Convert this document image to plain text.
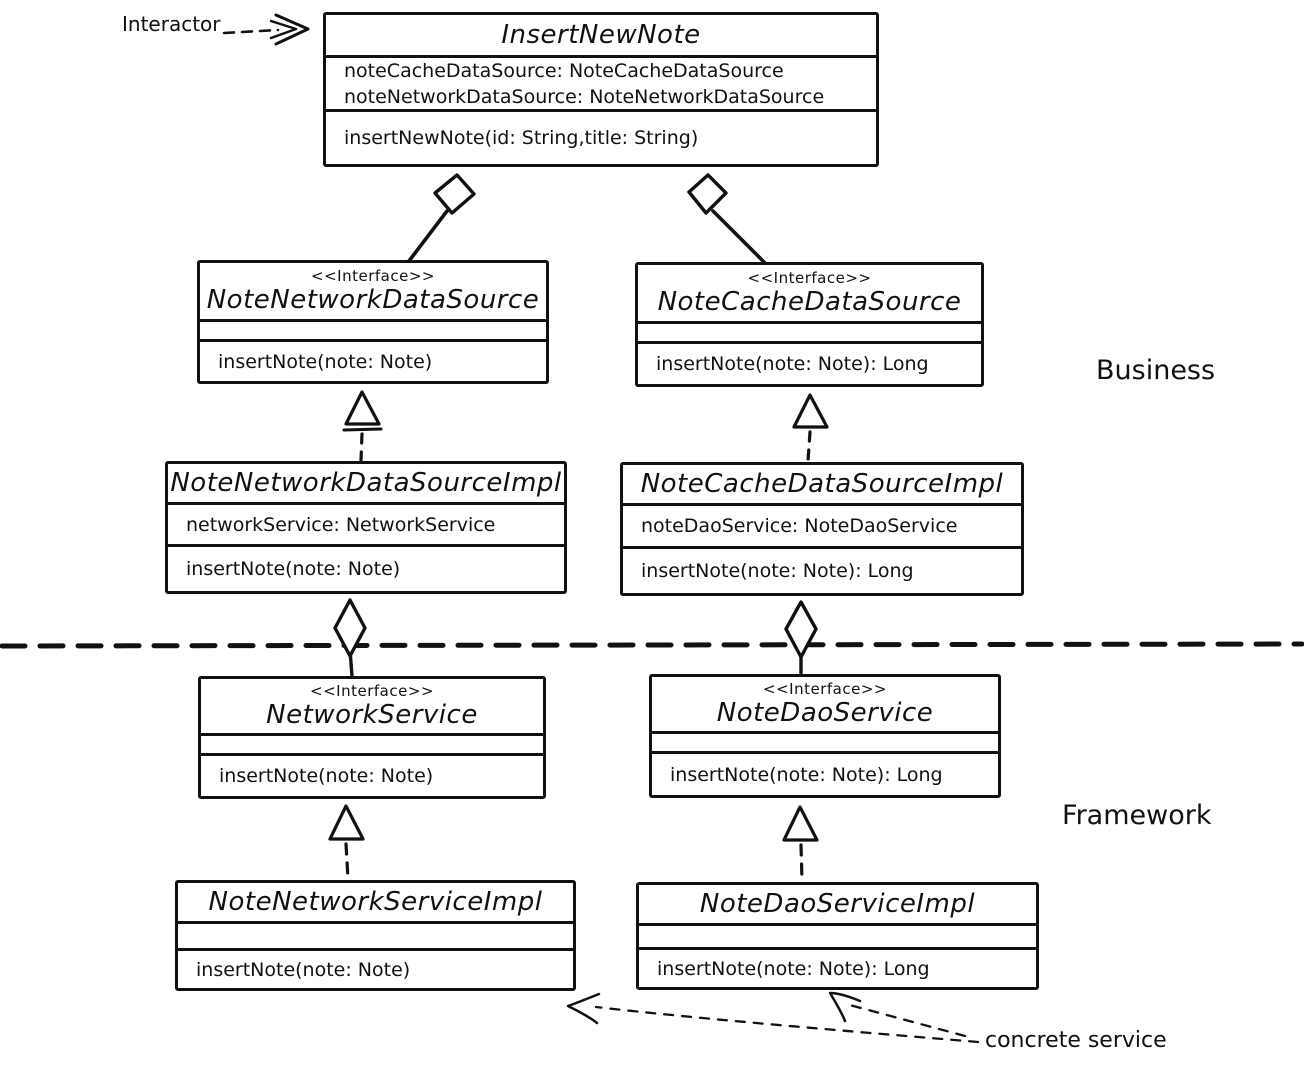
InsertNewNote
noteCacheDataSource: NoteCacheDataSource
noteNetworkDataSource: NoteNetworkDataSource
insertNewNote(id: String,title: String)
<<Interface>>
NoteNetworkDataSource
insertNote(note: Note)
<<Interface>>
NoteCacheDataSource
insertNote(note: Note): Long
NoteNetworkDataSourceImpl
networkService: NetworkService
insertNote(note: Note)
NoteCacheDataSourceImpl
noteDaoService: NoteDaoService
insertNote(note: Note): Long
<<Interface>>
NetworkService
insertNote(note: Note)
<<Interface>>
NoteDaoService
insertNote(note: Note): Long
NoteNetworkServiceImpl
insertNote(note: Note)
NoteDaoServiceImpl
insertNote(note: Note): Long
Interactor
Business
Framework
concrete service
